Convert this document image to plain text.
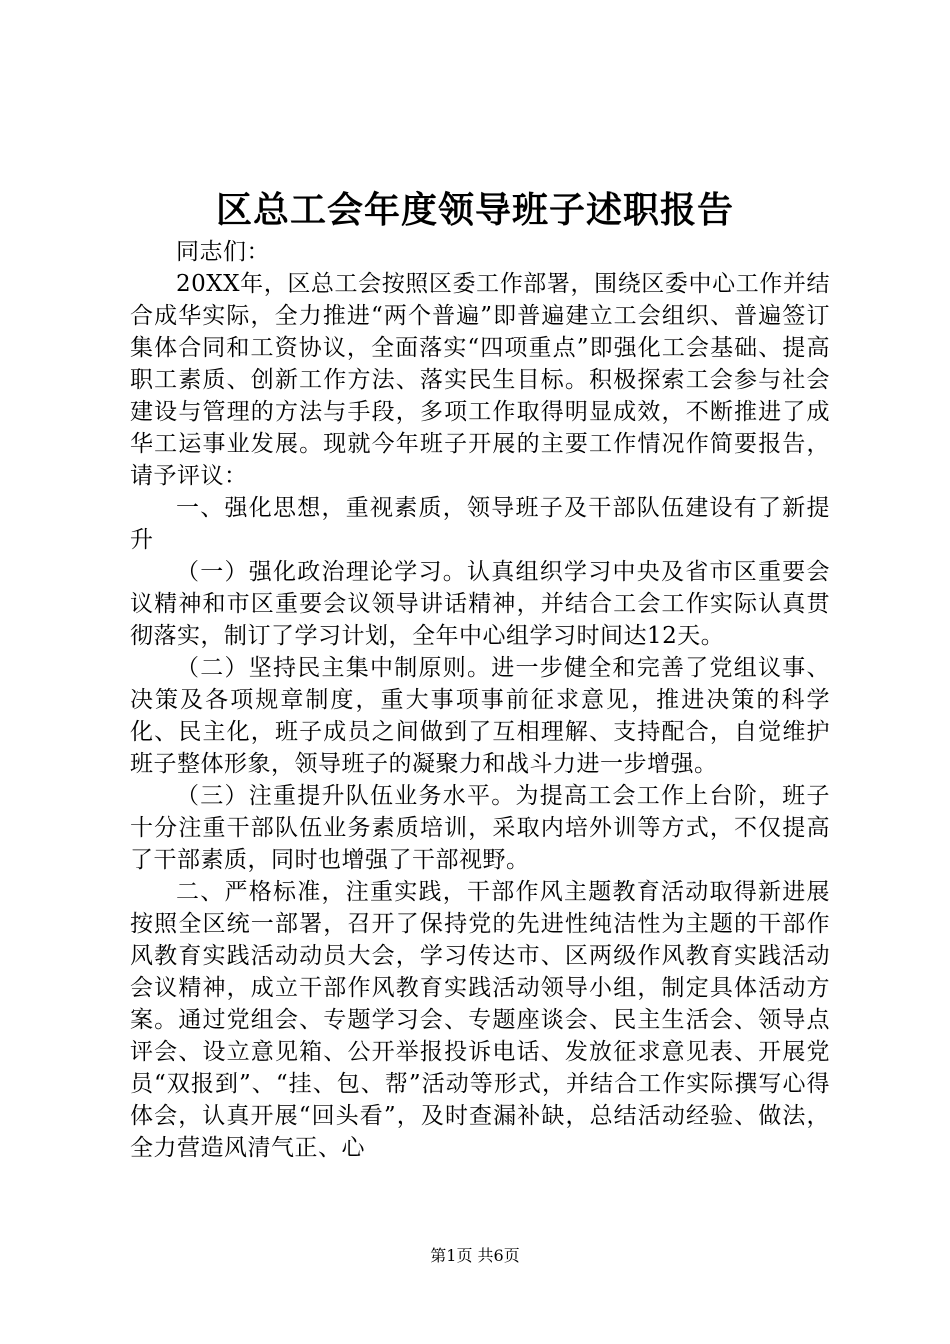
区总工会年度领导班子述职报告

同志们：

20XX年，区总工会按照区委工作部署，围绕区委中心工作并结合成华实际，全力推进“两个普遍”即普遍建立工会组织、普遍签订集体合同和工资协议，全面落实“四项重点”即强化工会基础、提高职工素质、创新工作方法、落实民生目标。积极探索工会参与社会建设与管理的方法与手段，多项工作取得明显成效，不断推进了成华工运事业发展。现就今年班子开展的主要工作情况作简要报告，请予评议：

一、强化思想，重视素质，领导班子及干部队伍建设有了新提升

（一）强化政治理论学习。认真组织学习中央及省市区重要会议精神和市区重要会议领导讲话精神，并结合工会工作实际认真贯彻落实，制订了学习计划，全年中心组学习时间达12天。

（二）坚持民主集中制原则。进一步健全和完善了党组议事、决策及各项规章制度，重大事项事前征求意见，推进决策的科学化、民主化，班子成员之间做到了互相理解、支持配合，自觉维护班子整体形象，领导班子的凝聚力和战斗力进一步增强。

（三）注重提升队伍业务水平。为提高工会工作上台阶，班子十分注重干部队伍业务素质培训，采取内培外训等方式，不仅提高了干部素质，同时也增强了干部视野。

二、严格标准，注重实践，干部作风主题教育活动取得新进展按照全区统一部署，召开了保持党的先进性纯洁性为主题的干部作风教育实践活动动员大会，学习传达市、区两级作风教育实践活动会议精神，成立干部作风教育实践活动领导小组，制定具体活动方案。通过党组会、专题学习会、专题座谈会、民主生活会、领导点评会、设立意见箱、公开举报投诉电话、发放征求意见表、开展党员“双报到”、“挂、包、帮”活动等形式，并结合工作实际撰写心得体会，认真开展“回头看”，及时查漏补缺，总结活动经验、做法，全力营造风清气正、心

第1页 共6页
